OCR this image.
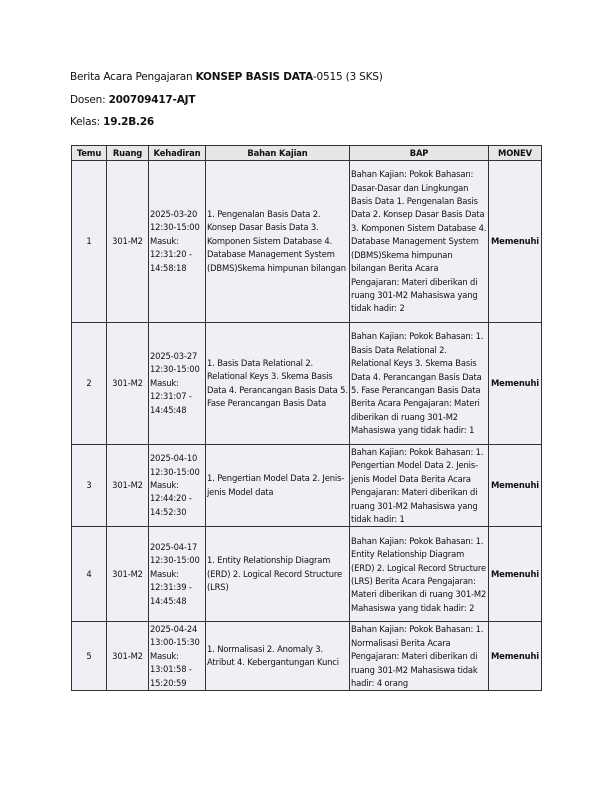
Berita Acara Pengajaran KONSEP BASIS DATA-0515 (3 SKS)
Dosen: 200709417-AJT
Kelas: 19.2B.26
Temu	Ruang	Kehadiran	Bahan Kajian	BAP	MONEV
1	301-M2	2025-03-20 12:30-15:00 Masuk: 12:31:20 - 14:58:18	1. Pengenalan Basis Data 2. Konsep Dasar Basis Data 3. Komponen Sistem Database 4. Database Management System (DBMS)Skema himpunan bilangan	Bahan Kajian: Pokok Bahasan: Dasar-Dasar dan Lingkungan Basis Data 1. Pengenalan Basis Data 2. Konsep Dasar Basis Data 3. Komponen Sistem Database 4. Database Management System (DBMS)Skema himpunan bilangan Berita Acara Pengajaran: Materi diberikan di ruang 301-M2 Mahasiswa yang tidak hadir: 2	Memenuhi
2	301-M2	2025-03-27 12:30-15:00 Masuk: 12:31:07 - 14:45:48	1. Basis Data Relational 2. Relational Keys 3. Skema Basis Data 4. Perancangan Basis Data 5. Fase Perancangan Basis Data	Bahan Kajian: Pokok Bahasan: 1. Basis Data Relational 2. Relational Keys 3. Skema Basis Data 4. Perancangan Basis Data 5. Fase Perancangan Basis Data Berita Acara Pengajaran: Materi diberikan di ruang 301-M2 Mahasiswa yang tidak hadir: 1	Memenuhi
3	301-M2	2025-04-10 12:30-15:00 Masuk: 12:44:20 - 14:52:30	1. Pengertian Model Data 2. Jenis-jenis Model data	Bahan Kajian: Pokok Bahasan: 1. Pengertian Model Data 2. Jenis-jenis Model Data Berita Acara Pengajaran: Materi diberikan di ruang 301-M2 Mahasiswa yang tidak hadir: 1	Memenuhi
4	301-M2	2025-04-17 12:30-15:00 Masuk: 12:31:39 - 14:45:48	1. Entity Relationship Diagram (ERD) 2. Logical Record Structure (LRS)	Bahan Kajian: Pokok Bahasan: 1. Entity Relationship Diagram (ERD) 2. Logical Record Structure (LRS) Berita Acara Pengajaran: Materi diberikan di ruang 301-M2 Mahasiswa yang tidak hadir: 2	Memenuhi
5	301-M2	2025-04-24 13:00-15:30 Masuk: 13:01:58 - 15:20:59	1. Normalisasi 2. Anomaly 3. Atribut 4. Kebergantungan Kunci	Bahan Kajian: Pokok Bahasan: 1. Normalisasi Berita Acara Pengajaran: Materi diberikan di ruang 301-M2 Mahasiswa tidak hadir: 4 orang	Memenuhi
